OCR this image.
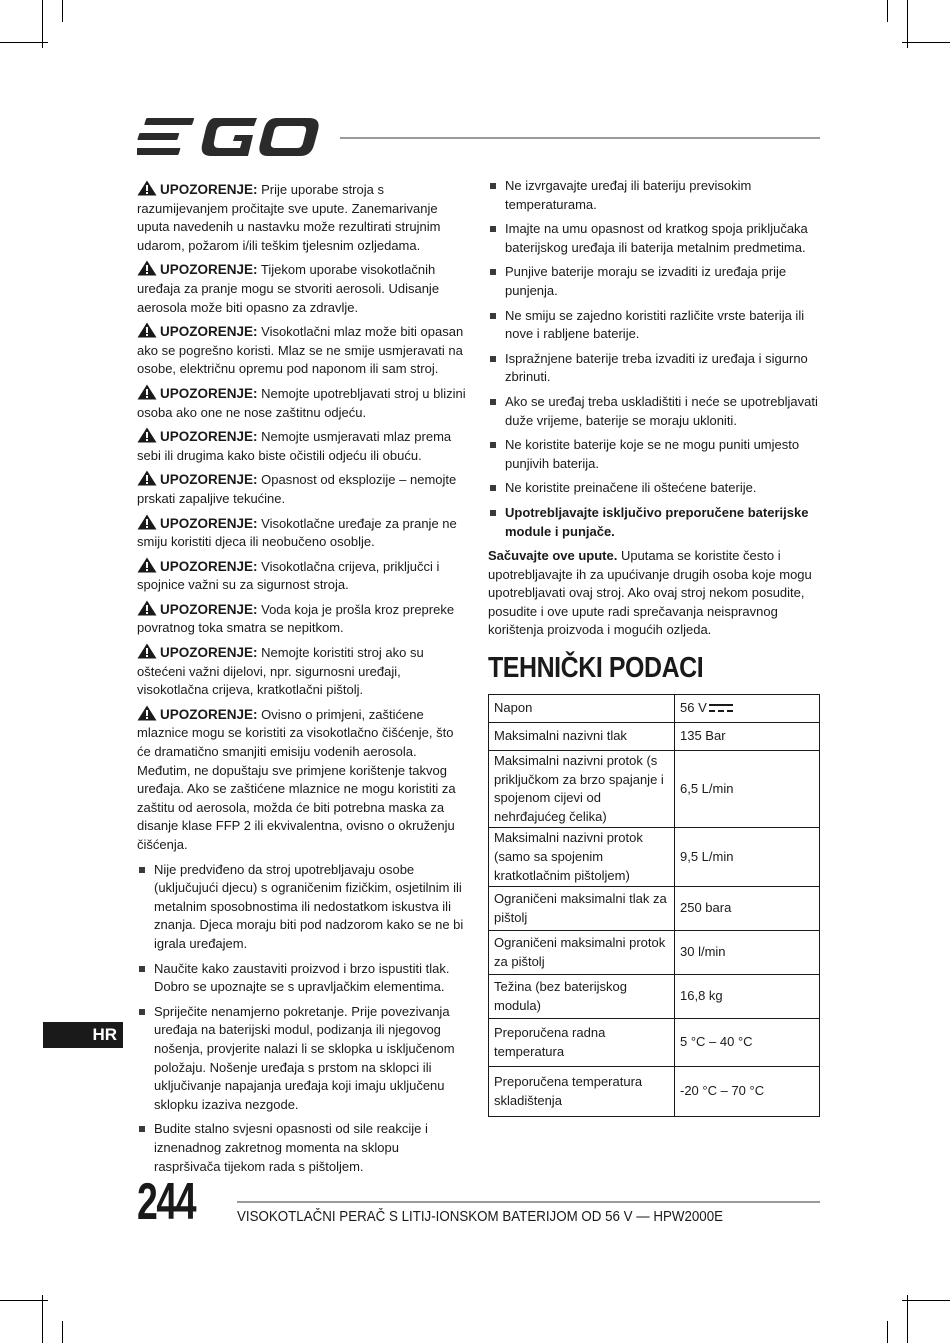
UPOZORENJE: Prije uporabe stroja s razumijevanjem pročitajte sve upute. Zanemarivanje uputa navedenih u nastavku može rezultirati strujnim udarom, požarom i/ili teškim tjelesnim ozljedama.

UPOZORENJE: Tijekom uporabe visokotlačnih uređaja za pranje mogu se stvoriti aerosoli. Udisanje aerosola može biti opasno za zdravlje.

UPOZORENJE: Visokotlačni mlaz može biti opasan ako se pogrešno koristi. Mlaz se ne smije usmjeravati na osobe, električnu opremu pod naponom ili sam stroj.

UPOZORENJE: Nemojte upotrebljavati stroj u blizini osoba ako one ne nose zaštitnu odjeću.

UPOZORENJE: Nemojte usmjeravati mlaz prema sebi ili drugima kako biste očistili odjeću ili obuću.

UPOZORENJE: Opasnost od eksplozije – nemojte prskati zapaljive tekućine.

UPOZORENJE: Visokotlačne uređaje za pranje ne smiju koristiti djeca ili neobučeno osoblje.

UPOZORENJE: Visokotlačna crijeva, priključci i spojnice važni su za sigurnost stroja.

UPOZORENJE: Voda koja je prošla kroz prepreke povratnog toka smatra se nepitkom.

UPOZORENJE: Nemojte koristiti stroj ako su oštećeni važni dijelovi, npr. sigurnosni uređaji, visokotlačna crijeva, kratkotlačni pištolj.

UPOZORENJE: Ovisno o primjeni, zaštićene mlaznice mogu se koristiti za visokotlačno čišćenje, što će dramatično smanjiti emisiju vodenih aerosola. Međutim, ne dopuštaju sve primjene korištenje takvog uređaja. Ako se zaštićene mlaznice ne mogu koristiti za zaštitu od aerosola, možda će biti potrebna maska za disanje klase FFP 2 ili ekvivalentna, ovisno o okruženju čišćenja.

Nije predviđeno da stroj upotrebljavaju osobe (uključujući djecu) s ograničenim fizičkim, osjetilnim ili metalnim sposobnostima ili nedostatkom iskustva ili znanja. Djeca moraju biti pod nadzorom kako se ne bi igrala uređajem.
Naučite kako zaustaviti proizvod i brzo ispustiti tlak. Dobro se upoznajte se s upravljačkim elementima.
Spriječite nenamjerno pokretanje. Prije povezivanja uređaja na baterijski modul, podizanja ili njegovog nošenja, provjerite nalazi li se sklopka u isključenom položaju. Nošenje uređaja s prstom na sklopci ili uključivanje napajanja uređaja koji imaju uključenu sklopku izaziva nezgode.
Budite stalno svjesni opasnosti od sile reakcije i iznenadnog zakretnog momenta na sklopu raspršivača tijekom rada s pištoljem.
Ne izvrgavajte uređaj ili bateriju previsokim temperaturama.
Imajte na umu opasnost od kratkog spoja priključaka baterijskog uređaja ili baterija metalnim predmetima.
Punjive baterije moraju se izvaditi iz uređaja prije punjenja.
Ne smiju se zajedno koristiti različite vrste baterija ili nove i rabljene baterije.
Ispražnjene baterije treba izvaditi iz uređaja i sigurno zbrinuti.
Ako se uređaj treba uskladištiti i neće se upotrebljavati duže vrijeme, baterije se moraju ukloniti.
Ne koristite baterije koje se ne mogu puniti umjesto punjivih baterija.
Ne koristite preinačene ili oštećene baterije.
Upotrebljavajte isključivo preporučene baterijske module i punjače.

Sačuvajte ove upute. Uputama se koristite često i upotrebljavajte ih za upućivanje drugih osoba koje mogu upotrebljavati ovaj stroj. Ako ovaj stroj nekom posudite, posudite i ove upute radi sprečavanja neispravnog korištenja proizvoda i mogućih ozljeda.

TEHNIČKI PODACI
Napon	56 V
Maksimalni nazivni tlak	135 Bar
Maksimalni nazivni protok (s priključkom za brzo spajanje i spojenom cijevi od nehrđajućeg čelika)	6,5 L/min
Maksimalni nazivni protok (samo sa spojenim kratkotlačnim pištoljem)	9,5 L/min
Ograničeni maksimalni tlak za pištolj	250 bara
Ograničeni maksimalni protok za pištolj	30 l/min
Težina (bez baterijskog modula)	16,8 kg
Preporučena radna temperatura	5 °C – 40 °C
Preporučena temperatura skladištenja	-20 °C – 70 °C
HR
244	VISOKOTLAČNI PERAČ S LITIJ-IONSKOM BATERIJOM OD 56 V — HPW2000E
